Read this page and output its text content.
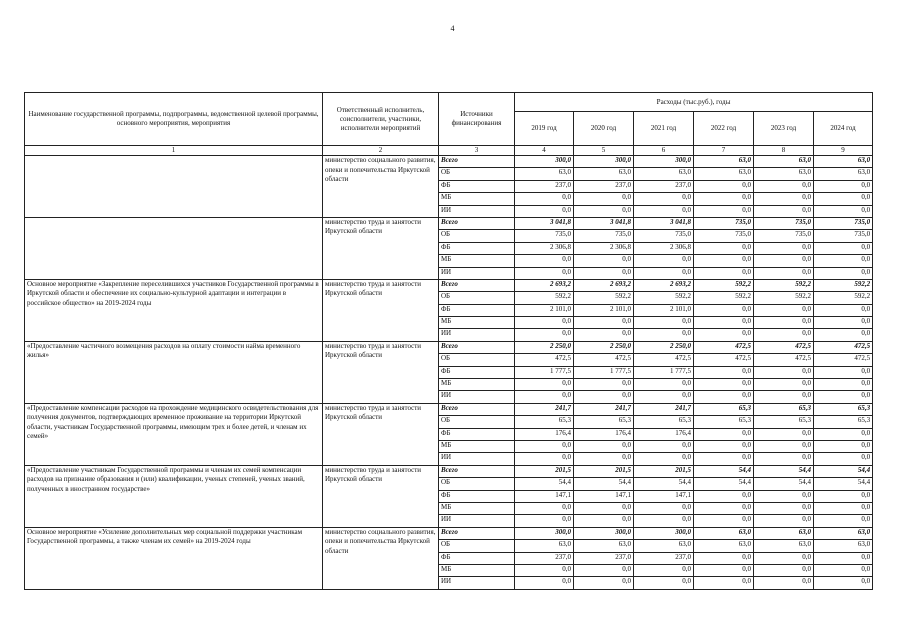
4
Наименование государственной программы, подпрограммы, ведомственной целевой программы, основного мероприятия, мероприятия	Ответственный исполнитель, соисполнители, участники, исполнители мероприятий	Источники финансирования	Расходы (тыс.руб.), годы					
			2019 год	2020 год	2021 год	2022 год	2023 год	2024 год
1	2	3	4	5	6	7	8	9
	министерство социального развития, опеки и попечительства Иркутской области	Всего	300,0	300,0	300,0	63,0	63,0	63,0
		ОБ	63,0	63,0	63,0	63,0	63,0	63,0
		ФБ	237,0	237,0	237,0	0,0	0,0	0,0
		МБ	0,0	0,0	0,0	0,0	0,0	0,0
		ИИ	0,0	0,0	0,0	0,0	0,0	0,0
	министерство труда и занятости Иркутской области	Всего	3 041,8	3 041,8	3 041,8	735,0	735,0	735,0
		ОБ	735,0	735,0	735,0	735,0	735,0	735,0
		ФБ	2 306,8	2 306,8	2 306,8	0,0	0,0	0,0
		МБ	0,0	0,0	0,0	0,0	0,0	0,0
		ИИ	0,0	0,0	0,0	0,0	0,0	0,0
Основное мероприятие «Закрепление переселившихся участников Государственной программы в Иркутской области и обеспечение их социально-культурной адаптации и интеграции в российское общество» на 2019-2024 годы	министерство труда и занятости Иркутской области	Всего	2 693,2	2 693,2	2 693,2	592,2	592,2	592,2
		ОБ	592,2	592,2	592,2	592,2	592,2	592,2
		ФБ	2 101,0	2 101,0	2 101,0	0,0	0,0	0,0
		МБ	0,0	0,0	0,0	0,0	0,0	0,0
		ИИ	0,0	0,0	0,0	0,0	0,0	0,0
«Предоставление частичного возмещения расходов на оплату стоимости найма временного жилья»	министерство труда и занятости Иркутской области	Всего	2 250,0	2 250,0	2 250,0	472,5	472,5	472,5
		ОБ	472,5	472,5	472,5	472,5	472,5	472,5
		ФБ	1 777,5	1 777,5	1 777,5	0,0	0,0	0,0
		МБ	0,0	0,0	0,0	0,0	0,0	0,0
		ИИ	0,0	0,0	0,0	0,0	0,0	0,0
«Предоставление компенсации расходов на прохождение медицинского освидетельствования для получения документов, подтверждающих временное проживание на территории Иркутской области, участникам Государственной программы, имеющим трех и более детей, и членам их семей»	министерство труда и занятости Иркутской области	Всего	241,7	241,7	241,7	65,3	65,3	65,3
		ОБ	65,3	65,3	65,3	65,3	65,3	65,3
		ФБ	176,4	176,4	176,4	0,0	0,0	0,0
		МБ	0,0	0,0	0,0	0,0	0,0	0,0
		ИИ	0,0	0,0	0,0	0,0	0,0	0,0
«Предоставление участникам Государственной программы и членам их семей компенсации расходов на признание образования и (или) квалификации, ученых степеней, ученых званий, полученных в иностранном государстве»	министерство труда и занятости Иркутской области	Всего	201,5	201,5	201,5	54,4	54,4	54,4
		ОБ	54,4	54,4	54,4	54,4	54,4	54,4
		ФБ	147,1	147,1	147,1	0,0	0,0	0,0
		МБ	0,0	0,0	0,0	0,0	0,0	0,0
		ИИ	0,0	0,0	0,0	0,0	0,0	0,0
Основное мероприятие «Усиление дополнительных мер социальной поддержки участникам Государственной программы, а также членам их семей» на 2019-2024 годы	министерство социального развития, опеки и попечительства Иркутской области	Всего	300,0	300,0	300,0	63,0	63,0	63,0
		ОБ	63,0	63,0	63,0	63,0	63,0	63,0
		ФБ	237,0	237,0	237,0	0,0	0,0	0,0
		МБ	0,0	0,0	0,0	0,0	0,0	0,0
		ИИ	0,0	0,0	0,0	0,0	0,0	0,0
